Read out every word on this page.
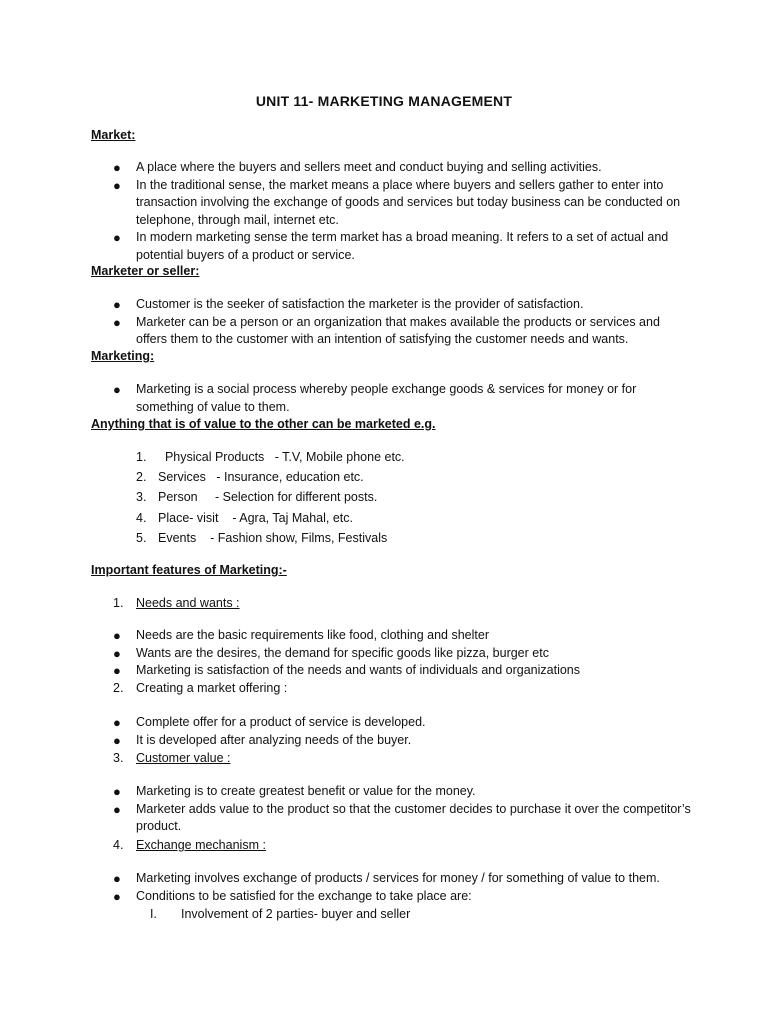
UNIT 11- MARKETING MANAGEMENT
Market:
● A place where the buyers and sellers meet and conduct buying and selling activities.
● In the traditional sense, the market means a place where buyers and sellers gather to enter into transaction involving the exchange of goods and services but today business can be conducted on telephone, through mail, internet etc.
● In modern marketing sense the term market has a broad meaning. It refers to a set of actual and potential buyers of a product or service.
Marketer or seller:
● Customer is the seeker of satisfaction the marketer is the provider of satisfaction.
● Marketer can be a person or an organization that makes available the products or services and offers them to the customer with an intention of satisfying the customer needs and wants.
Marketing:
● Marketing is a social process whereby people exchange goods & services for money or for something of value to them.
Anything that is of value to the other can be marketed e.g.
1.  Physical Products   - T.V, Mobile phone etc.
2. Services   - Insurance, education etc.
3. Person     - Selection for different posts.
4. Place- visit    - Agra, Taj Mahal, etc.
5. Events    - Fashion show, Films, Festivals
Important features of Marketing:-
1. Needs and wants :
● Needs are the basic requirements like food, clothing and shelter
● Wants are the desires, the demand for specific goods like pizza, burger etc
● Marketing is satisfaction of the needs and wants of individuals and organizations
2. Creating a market offering :
● Complete offer for a product of service is developed.
● It is developed after analyzing needs of the buyer.
3. Customer value :
● Marketing is to create greatest benefit or value for the money.
● Marketer adds value to the product so that the customer decides to purchase it over the competitor’s product.
4. Exchange mechanism :
● Marketing involves exchange of products / services for money / for something of value to them.
● Conditions to be satisfied for the exchange to take place are:
I. Involvement of 2 parties- buyer and seller
